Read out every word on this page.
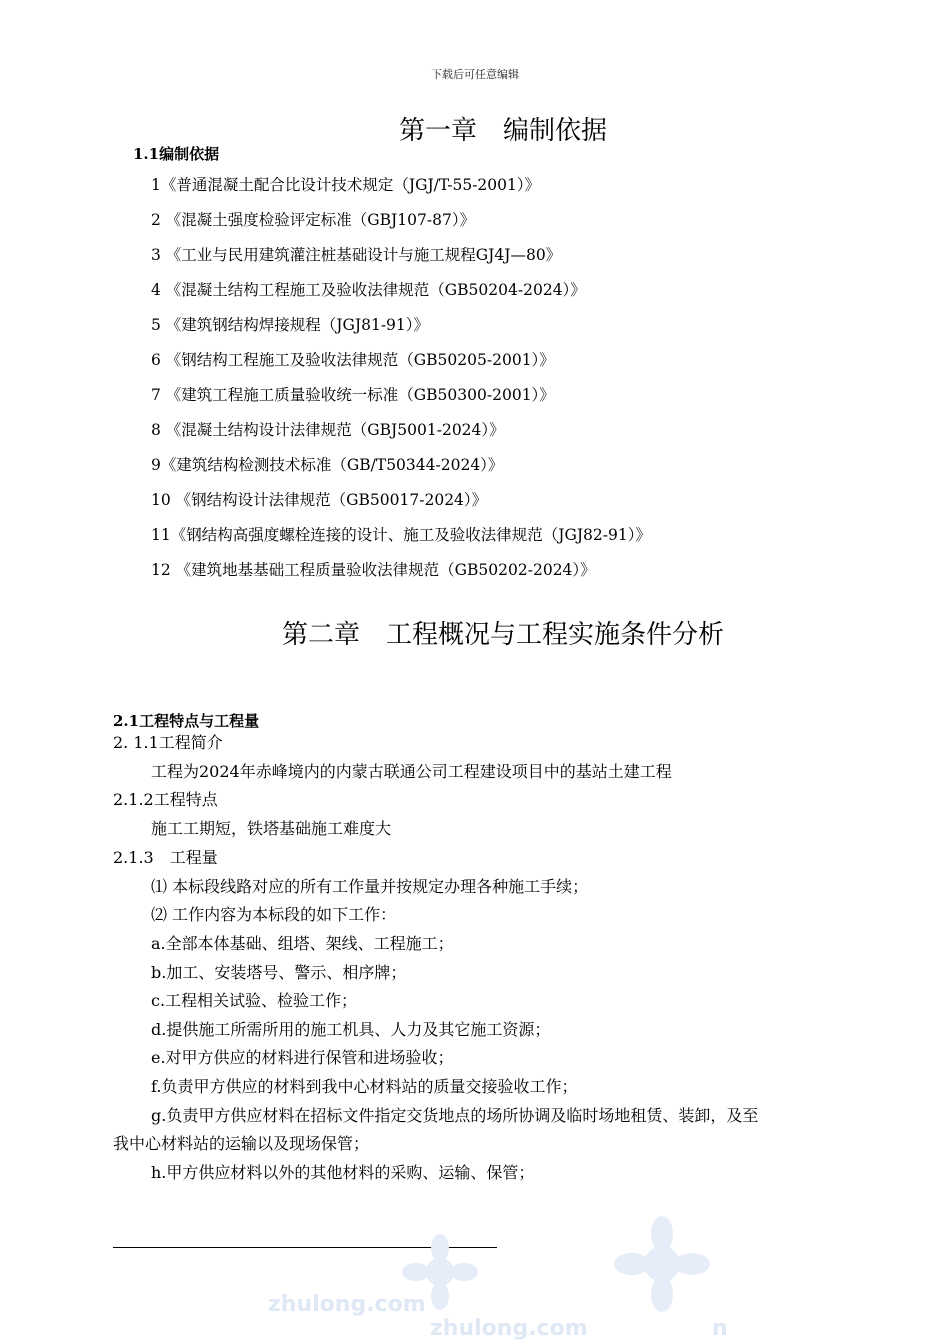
下载后可任意编辑
第一章　编制依据
1.1编制依据
1《普通混凝土配合比设计技术规定（JGJ/T-55-2001）》
2 《混凝土强度检验评定标准（GBJ107-87）》
3 《工业与民用建筑灌注桩基础设计与施工规程GJ4J—80》
4 《混凝土结构工程施工及验收法律规范（GB50204-2024）》
5 《建筑钢结构焊接规程（JGJ81-91）》
6 《钢结构工程施工及验收法律规范（GB50205-2001）》
7 《建筑工程施工质量验收统一标准（GB50300-2001）》
8 《混凝土结构设计法律规范（GBJ5001-2024）》
9《建筑结构检测技术标准（GB/T50344-2024）》
10 《钢结构设计法律规范（GB50017-2024）》
11《钢结构高强度螺栓连接的设计、施工及验收法律规范（JGJ82-91）》
12 《建筑地基基础工程质量验收法律规范（GB50202-2024）》
第二章　工程概况与工程实施条件分析
2.1工程特点与工程量
2. 1.1工程简介
工程为2024年赤峰境内的内蒙古联通公司工程建设项目中的基站土建工程
2.1.2工程特点
施工工期短，铁塔基础施工难度大
2.1.3　工程量
⑴ 本标段线路对应的所有工作量并按规定办理各种施工手续；
⑵ 工作内容为本标段的如下工作：
a.全部本体基础、组塔、架线、工程施工；
b.加工、安装塔号、警示、相序牌；
c.工程相关试验、检验工作；
d.提供施工所需所用的施工机具、人力及其它施工资源；
e.对甲方供应的材料进行保管和进场验收；
f.负责甲方供应的材料到我中心材料站的质量交接验收工作；
g.负责甲方供应材料在招标文件指定交货地点的场所协调及临时场地租赁、装卸，及至
我中心材料站的运输以及现场保管；
h.甲方供应材料以外的其他材料的采购、运输、保管；
zhulong.com
zhulong.com	n
